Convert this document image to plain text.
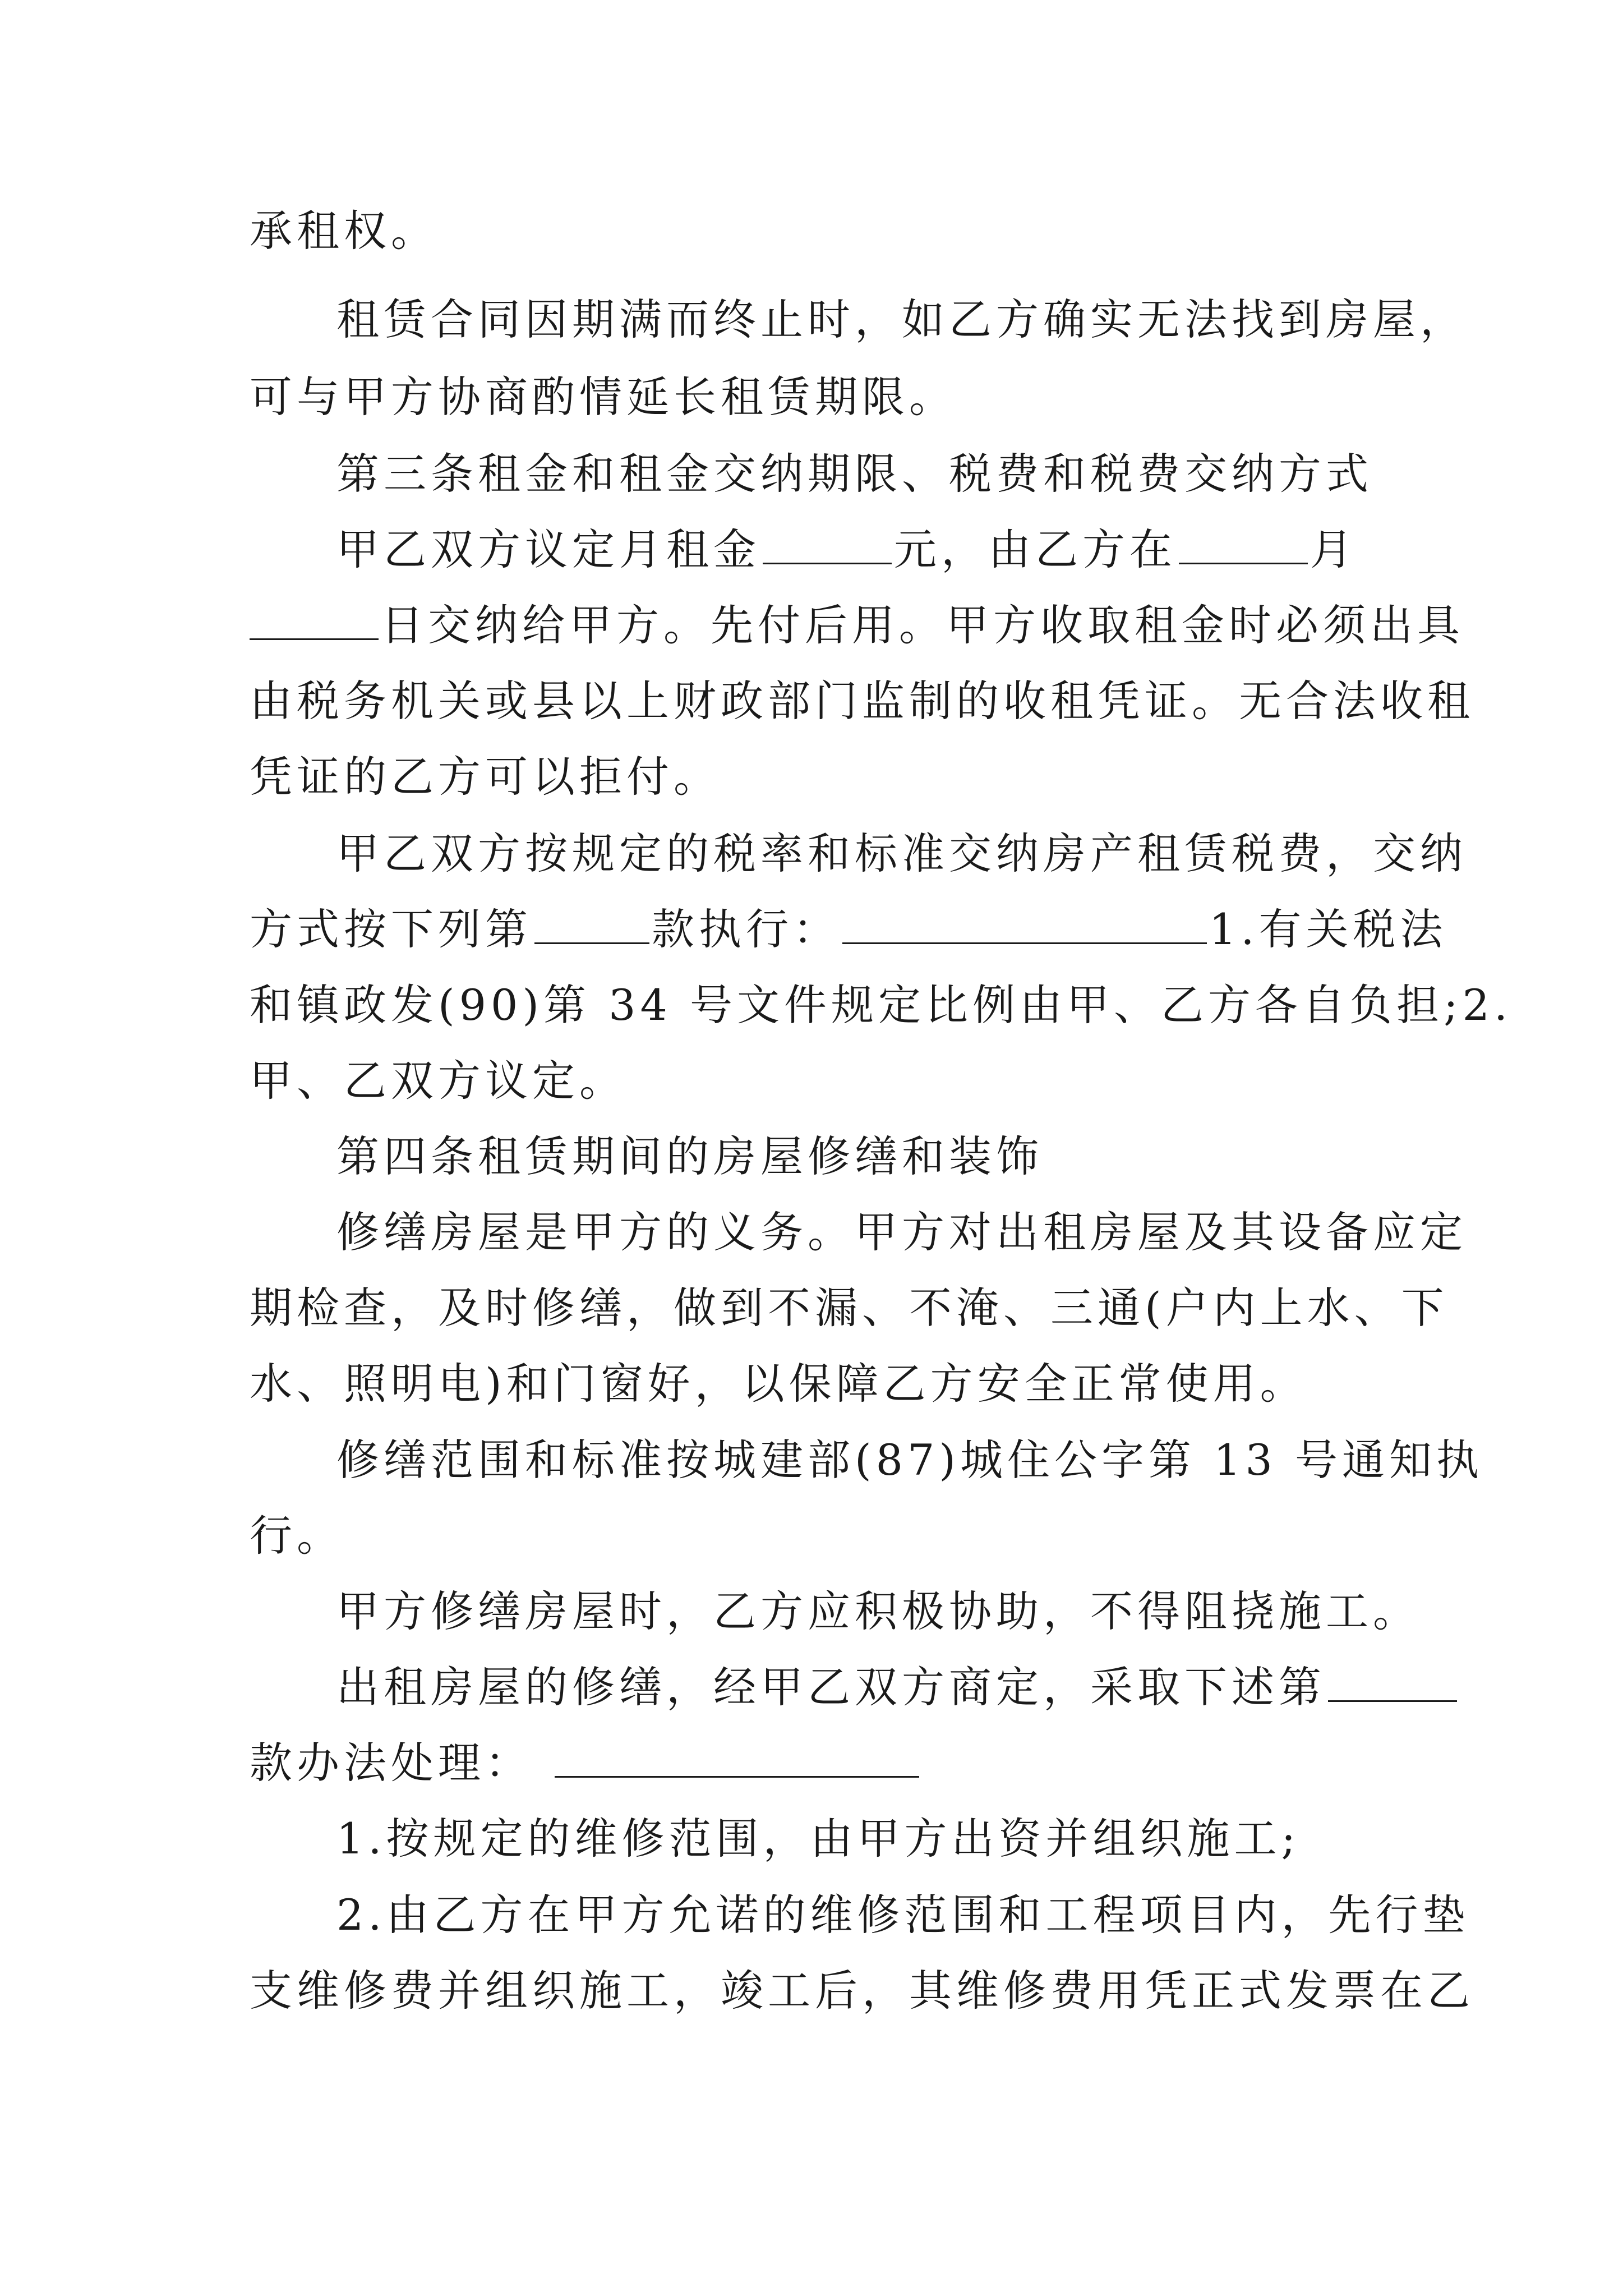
承租权。
租赁合同因期满而终止时，如乙方确实无法找到房屋，
可与甲方协商酌情延长租赁期限。
第三条租金和租金交纳期限、税费和税费交纳方式
甲乙双方议定月租金	元，由乙方在	月
日交纳给甲方。先付后用。甲方收取租金时必须出具
由税务机关或县以上财政部门监制的收租凭证。无合法收租
凭证的乙方可以拒付。
甲乙双方按规定的税率和标准交纳房产租赁税费，交纳
方式按下列第	款执行：	1.有关税法
和镇政发(90)第 34 号文件规定比例由甲、乙方各自负担;2.
甲、乙双方议定。
第四条租赁期间的房屋修缮和装饰
修缮房屋是甲方的义务。甲方对出租房屋及其设备应定
期检查，及时修缮，做到不漏、不淹、三通(户内上水、下
水、照明电)和门窗好，以保障乙方安全正常使用。
修缮范围和标准按城建部(87)城住公字第 13 号通知执
行。
甲方修缮房屋时，乙方应积极协助，不得阻挠施工。
出租房屋的修缮，经甲乙双方商定，采取下述第
款办法处理：
1.按规定的维修范围，由甲方出资并组织施工;
2.由乙方在甲方允诺的维修范围和工程项目内，先行垫
支维修费并组织施工，竣工后，其维修费用凭正式发票在乙
